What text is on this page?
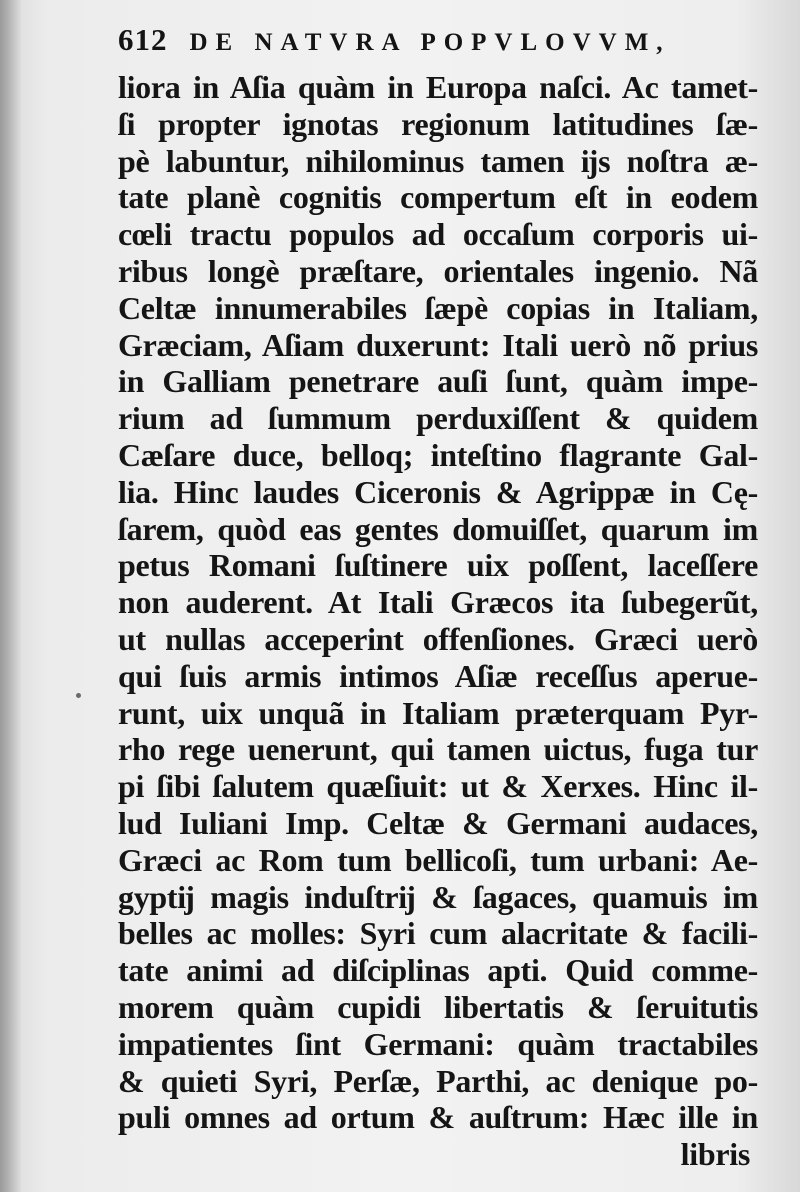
612 DE NATVRA POPVLOVVM,
liora in Aſia quàm in Europa naſci. Ac tamet-
ſi propter ignotas regionum latitudines ſæ-
pè labuntur, nihilominus tamen ĳs noſtra æ-
tate planè cognitis compertum eſt in eodem
cœli tractu populos ad occaſum corporis ui-
ribus longè præſtare, orientales ingenio. Nã
Celtæ innumerabiles ſæpè copias in Italiam,
Græciam, Aſiam duxerunt: Itali uerò nõ prius
in Galliam penetrare auſi ſunt, quàm impe-
rium ad ſummum perduxiſſent & quidem
Cæſare duce, belloq; inteſtino flagrante Gal-
lia. Hinc laudes Ciceronis & Agrippæ in Cę-
ſarem, quòd eas gentes domuiſſet, quarum im
petus Romani ſuſtinere uix poſſent, laceſſere
non auderent. At Itali Græcos ita ſubegerũt,
ut nullas acceperint offenſiones. Græci uerò
qui ſuis armis intimos Aſiæ receſſus aperue-
runt, uix unquã in Italiam præterquam Pyr-
rho rege uenerunt, qui tamen uictus, fuga tur
pi ſibi ſalutem quæſiuit: ut & Xerxes. Hinc il-
lud Iuliani Imp. Celtæ & Germani audaces,
Græci ac Rom tum bellicoſi, tum urbani: Ae-
gyptĳ magis induſtrĳ & ſagaces, quamuis im
belles ac molles: Syri cum alacritate & facili-
tate animi ad diſciplinas apti. Quid comme-
morem quàm cupidi libertatis & ſeruitutis
impatientes ſint Germani: quàm tractabiles
& quieti Syri, Perſæ, Parthi, ac denique po-
puli omnes ad ortum & auſtrum: Hæc ille in
libris
